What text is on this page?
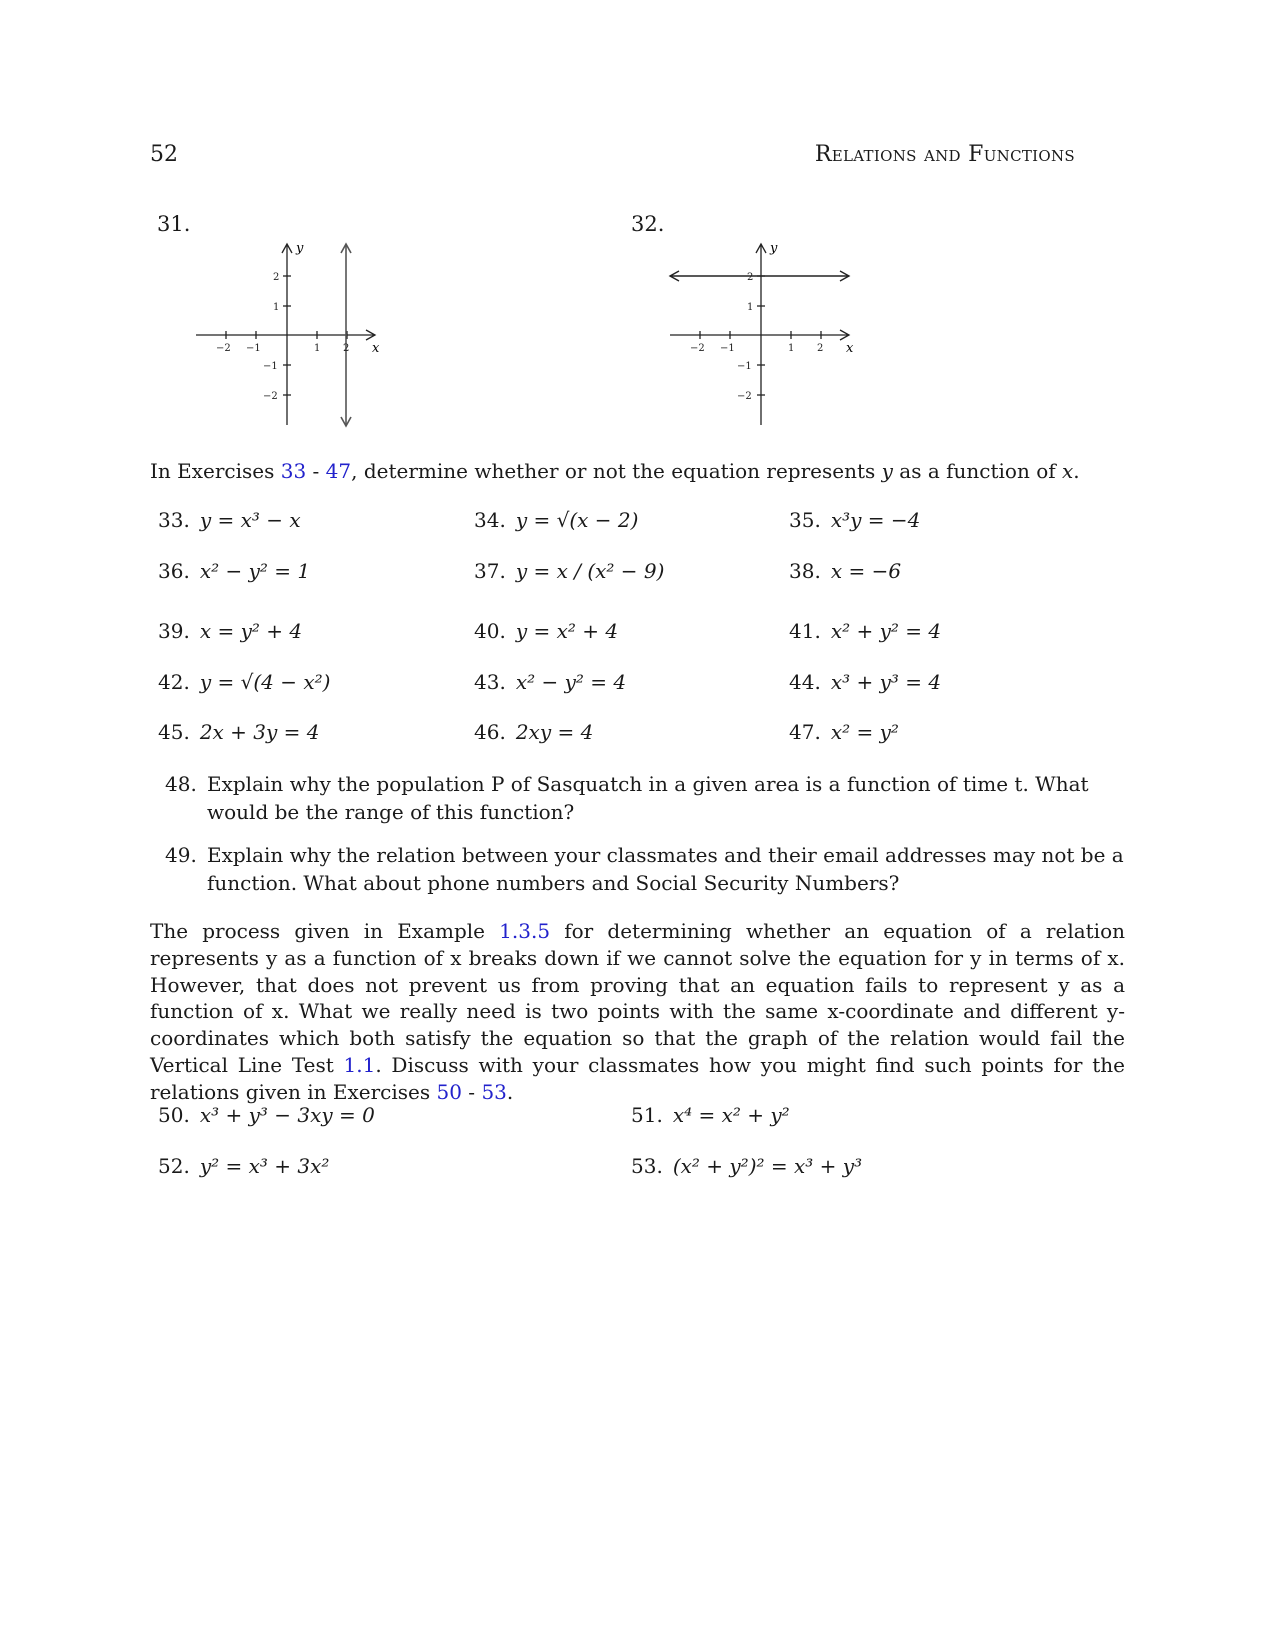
52	Relations and Functions
31.
−2 −1	1 2
2
1
−1
−2
x
y
32.
−2 −1	1 2
2
1
−1
−2
x
y
In Exercises 33 - 47, determine whether or not the equation represents y as a function of x.
33. y = x³ − x	34. y = √(x − 2)	35. x³y = −4
36. x² − y² = 1	37. y = x / (x² − 9)	38. x = −6
39. x = y² + 4	40. y = x² + 4	41. x² + y² = 4
42. y = √(4 − x²)	43. x² − y² = 4	44. x³ + y³ = 4
45. 2x + 3y = 4	46. 2xy = 4	47. x² = y²
48. Explain why the population P of Sasquatch in a given area is a function of time t. What
would be the range of this function?
49. Explain why the relation between your classmates and their email addresses may not be a
function. What about phone numbers and Social Security Numbers?
The process given in Example 1.3.5 for determining whether an equation of a relation represents y as a function of x breaks down if we cannot solve the equation for y in terms of x. However, that does not prevent us from proving that an equation fails to represent y as a function of x. What we really need is two points with the same x-coordinate and different y-coordinates which both satisfy the equation so that the graph of the relation would fail the Vertical Line Test 1.1. Discuss with your classmates how you might find such points for the relations given in Exercises 50 - 53.
50. x³ + y³ − 3xy = 0	51. x⁴ = x² + y²
52. y² = x³ + 3x²	53. (x² + y²)² = x³ + y³
